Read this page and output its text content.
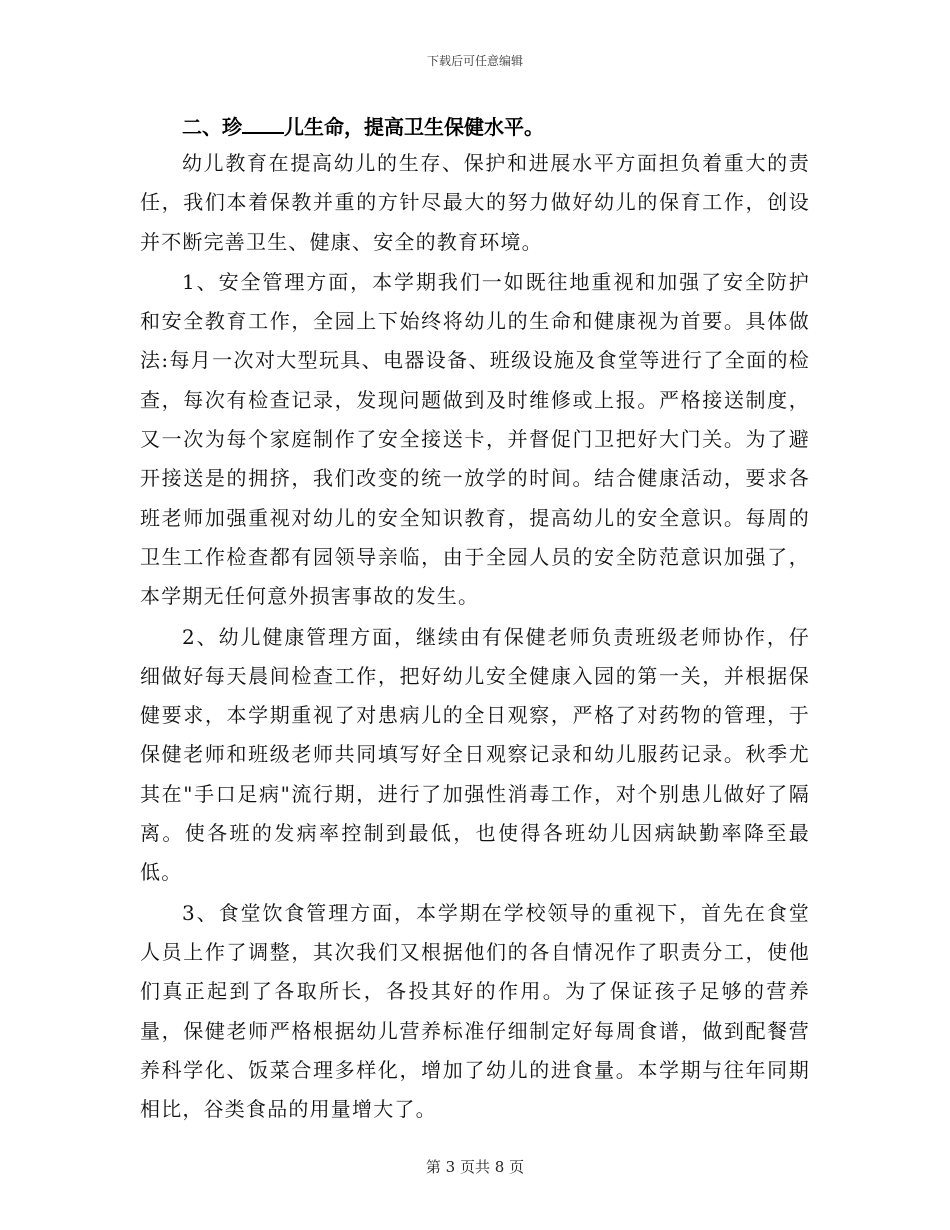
下载后可任意编辑
二、珍 儿生命，提高卫生保健水平。

幼儿教育在提高幼儿的生存、保护和进展水平方面担负着重大的责任，我们本着保教并重的方针尽最大的努力做好幼儿的保育工作，创设并不断完善卫生、健康、安全的教育环境。

1、安全管理方面，本学期我们一如既往地重视和加强了安全防护和安全教育工作，全园上下始终将幼儿的生命和健康视为首要。具体做法:每月一次对大型玩具、电器设备、班级设施及食堂等进行了全面的检查，每次有检查记录，发现问题做到及时维修或上报。严格接送制度，又一次为每个家庭制作了安全接送卡，并督促门卫把好大门关。为了避开接送是的拥挤，我们改变的统一放学的时间。结合健康活动，要求各班老师加强重视对幼儿的安全知识教育，提高幼儿的安全意识。每周的卫生工作检查都有园领导亲临，由于全园人员的安全防范意识加强了，本学期无任何意外损害事故的发生。

2、幼儿健康管理方面，继续由有保健老师负责班级老师协作，仔细做好每天晨间检查工作，把好幼儿安全健康入园的第一关，并根据保健要求，本学期重视了对患病儿的全日观察，严格了对药物的管理，于保健老师和班级老师共同填写好全日观察记录和幼儿服药记录。秋季尤其在"手口足病"流行期，进行了加强性消毒工作，对个别患儿做好了隔离。使各班的发病率控制到最低，也使得各班幼儿因病缺勤率降至最低。

3、食堂饮食管理方面，本学期在学校领导的重视下，首先在食堂人员上作了调整，其次我们又根据他们的各自情况作了职责分工，使他们真正起到了各取所长，各投其好的作用。为了保证孩子足够的营养量，保健老师严格根据幼儿营养标准仔细制定好每周食谱，做到配餐营养科学化、饭菜合理多样化，增加了幼儿的进食量。本学期与往年同期相比，谷类食品的用量增大了。

第 3 页共 8 页
